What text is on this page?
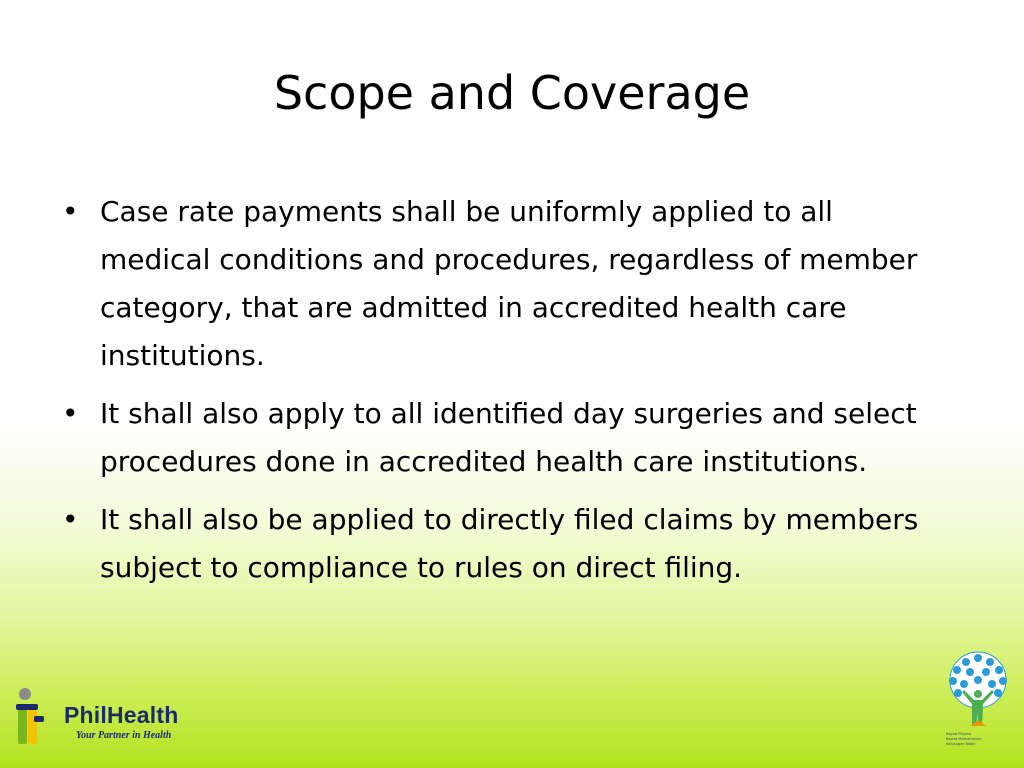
Scope and Coverage
• Case rate payments shall be uniformly applied to all medical conditions and procedures, regardless of member category, that are admitted in accredited health care institutions.
• It shall also apply to all identified day surgeries and select procedures done in accredited health care institutions.
• It shall also be applied to directly filed claims by members subject to compliance to rules on direct filing.
PhilHealth
Your Partner in Health	Bayad Pilipino
Bawat Mamamayan
Kalusugan Natin
